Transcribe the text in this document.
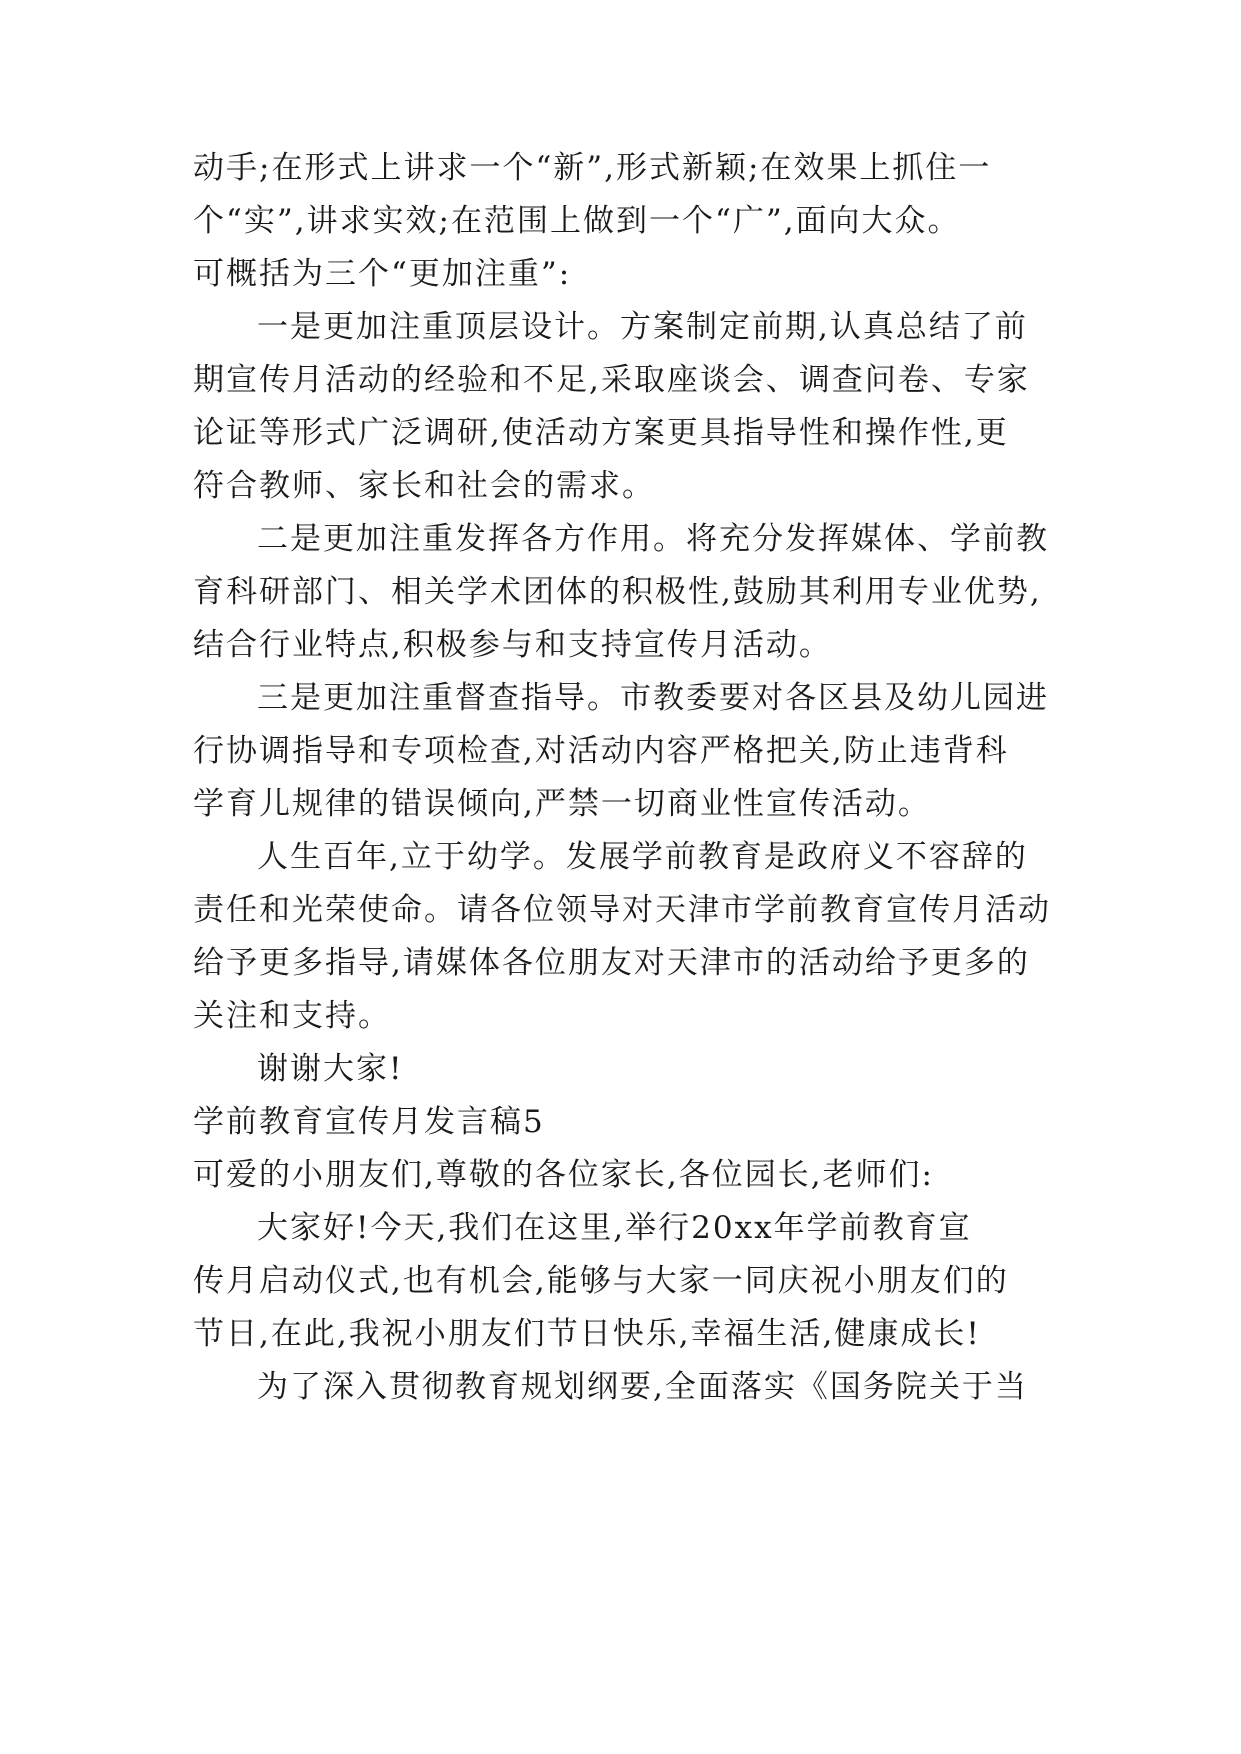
动手;在形式上讲求一个“新”,形式新颖;在效果上抓住一
个“实”,讲求实效;在范围上做到一个“广”,面向大众。
可概括为三个“更加注重”:
一是更加注重顶层设计。方案制定前期,认真总结了前
期宣传月活动的经验和不足,采取座谈会、调查问卷、专家
论证等形式广泛调研,使活动方案更具指导性和操作性,更
符合教师、家长和社会的需求。
二是更加注重发挥各方作用。将充分发挥媒体、学前教
育科研部门、相关学术团体的积极性,鼓励其利用专业优势,
结合行业特点,积极参与和支持宣传月活动。
三是更加注重督查指导。市教委要对各区县及幼儿园进
行协调指导和专项检查,对活动内容严格把关,防止违背科
学育儿规律的错误倾向,严禁一切商业性宣传活动。
人生百年,立于幼学。发展学前教育是政府义不容辞的
责任和光荣使命。请各位领导对天津市学前教育宣传月活动
给予更多指导,请媒体各位朋友对天津市的活动给予更多的
关注和支持。
谢谢大家!
学前教育宣传月发言稿5
可爱的小朋友们,尊敬的各位家长,各位园长,老师们:
大家好!今天,我们在这里,举行20xx年学前教育宣
传月启动仪式,也有机会,能够与大家一同庆祝小朋友们的
节日,在此,我祝小朋友们节日快乐,幸福生活,健康成长!
为了深入贯彻教育规划纲要,全面落实《国务院关于当
